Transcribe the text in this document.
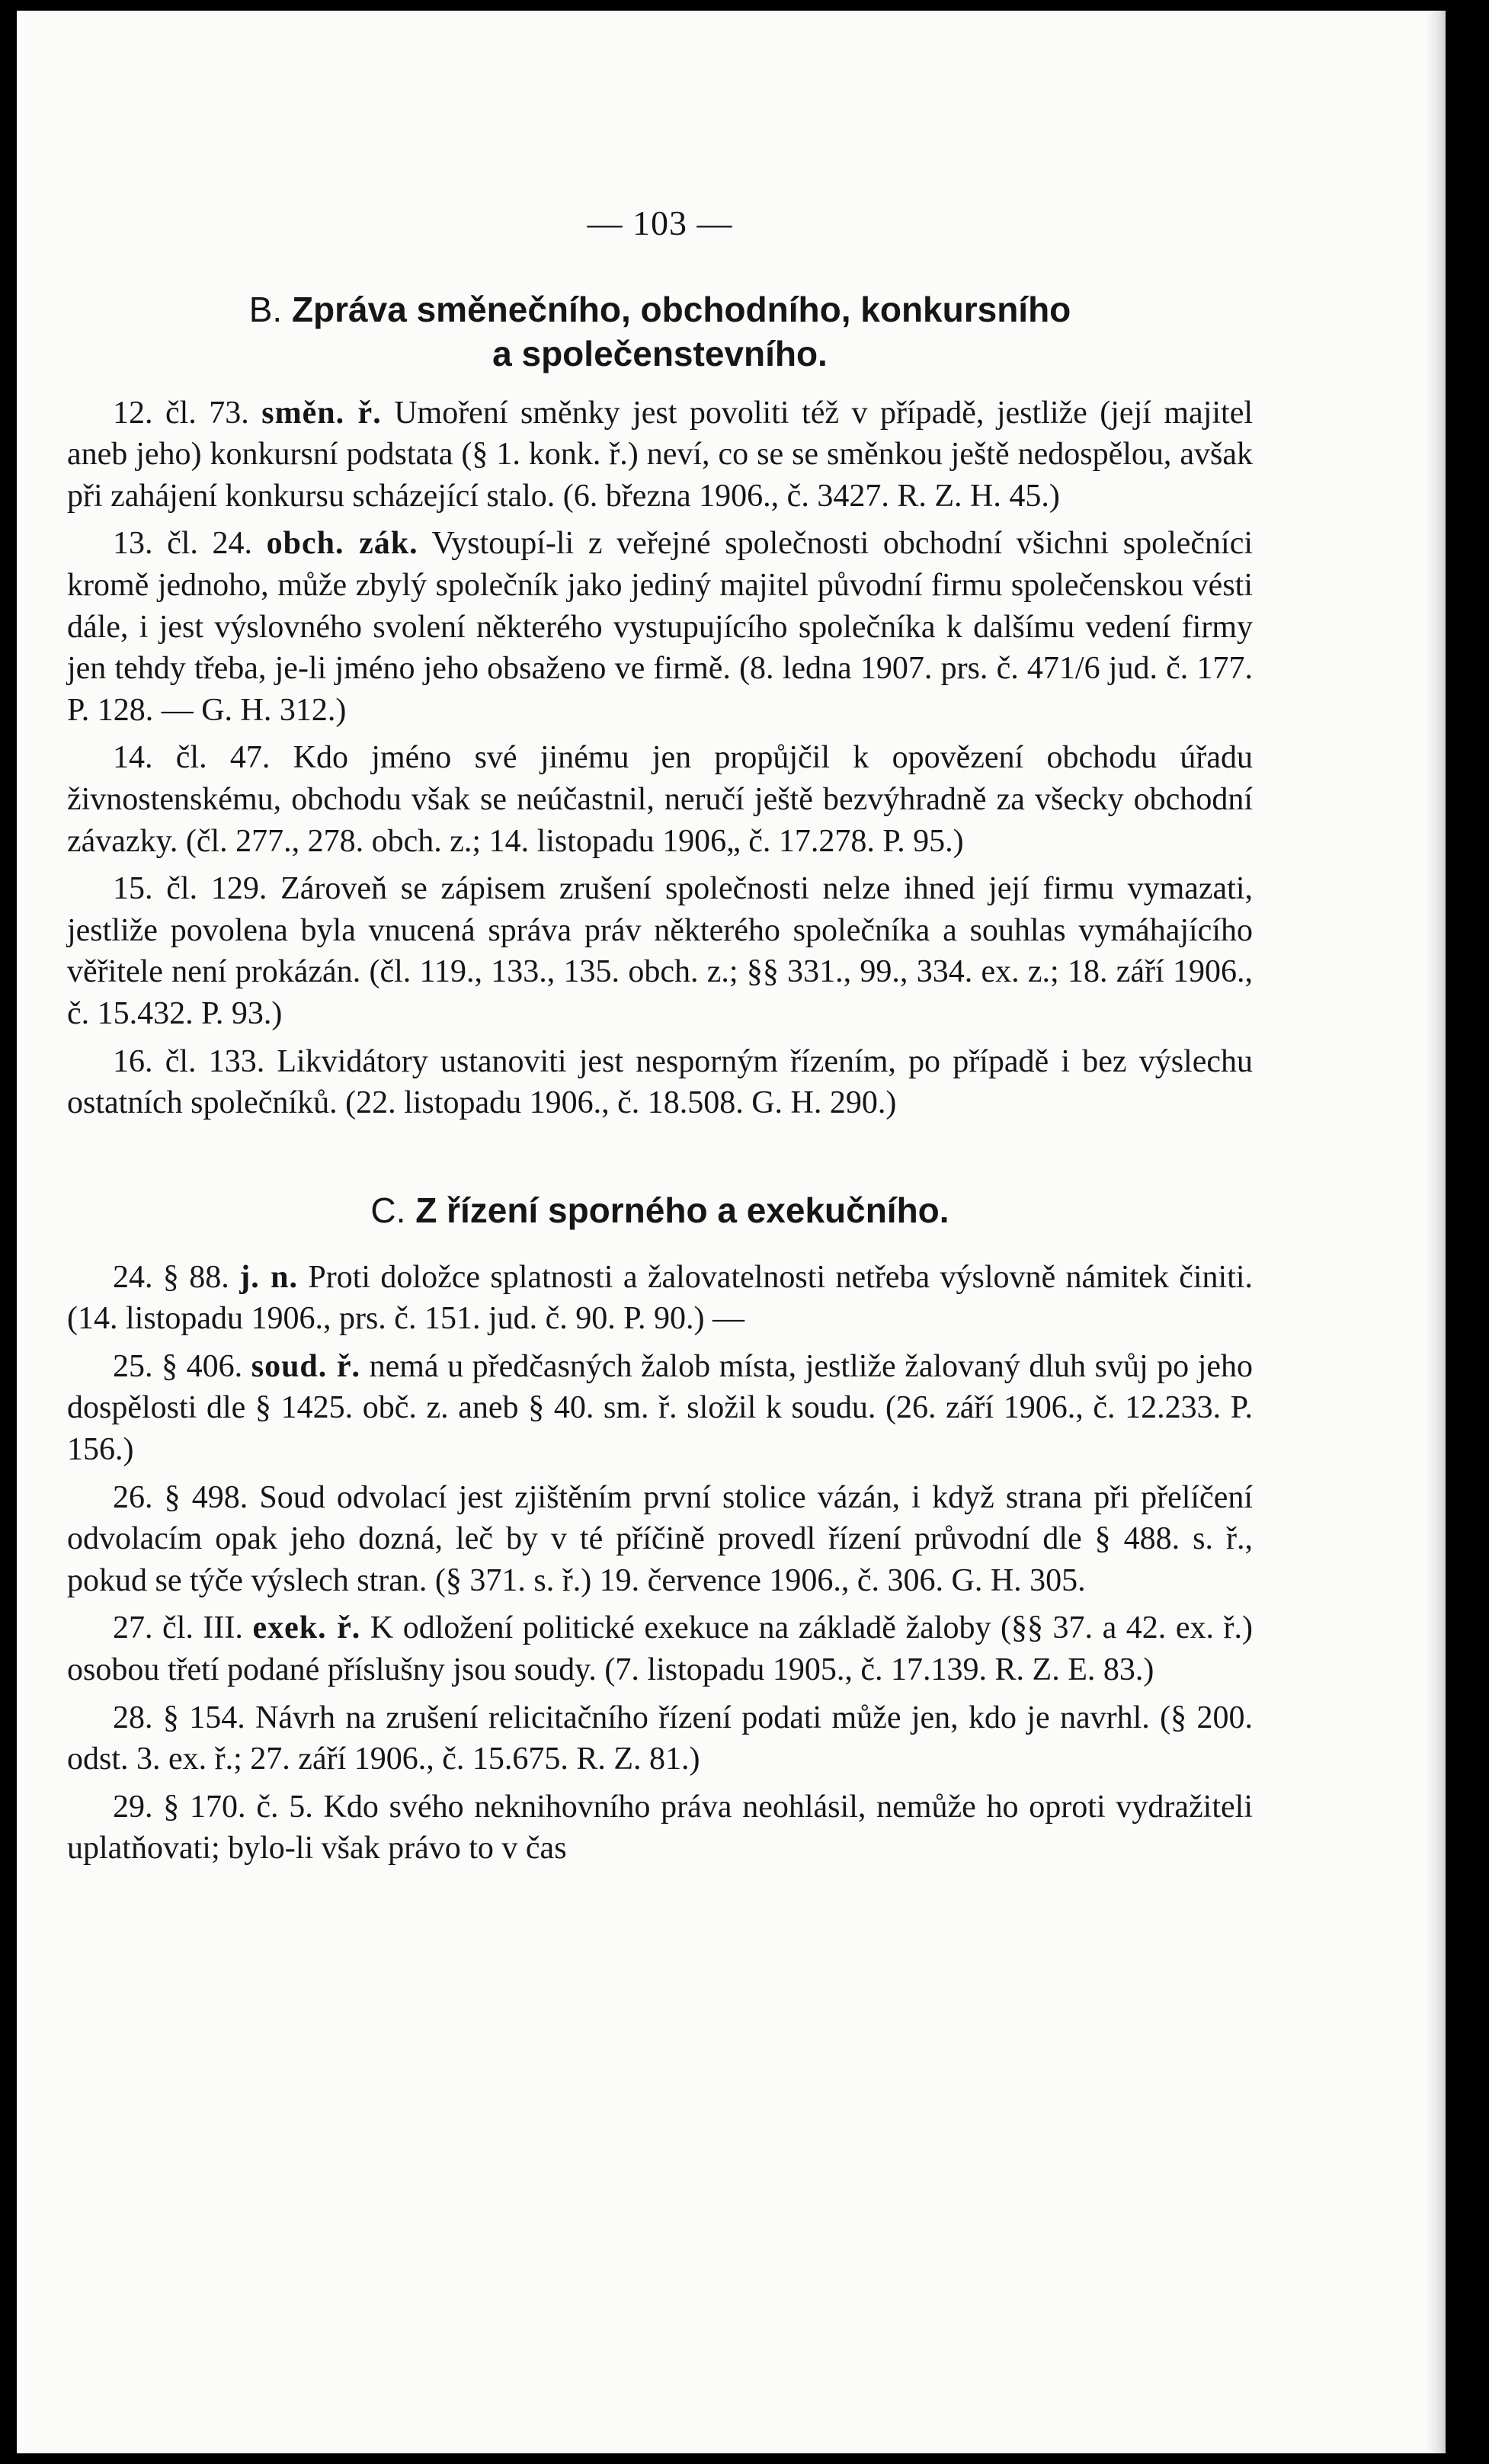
— 103 —
B. Zpráva směnečního, obchodního, konkursního
a společenstevního.

12. čl. 73. směn. ř. Umoření směnky jest povoliti též v případě, jestliže (její majitel aneb jeho) konkursní podstata (§ 1. konk. ř.) neví, co se se směnkou ještě nedospělou, avšak při zahájení konkursu scházející stalo. (6. března 1906., č. 3427. R. Z. H. 45.)

13. čl. 24. obch. zák. Vystoupí-li z veřejné společnosti obchodní všichni společníci kromě jednoho, může zbylý společník jako jediný majitel původní firmu společenskou vésti dále, i jest výslovného svolení některého vystupujícího společníka k dalšímu vedení firmy jen tehdy třeba, je-li jméno jeho obsaženo ve firmě. (8. ledna 1907. prs. č. 471/6 jud. č. 177. P. 128. — G. H. 312.)

14. čl. 47. Kdo jméno své jinému jen propůjčil k opovězení obchodu úřadu živnostenskému, obchodu však se neúčastnil, neručí ještě bezvýhradně za všecky obchodní závazky. (čl. 277., 278. obch. z.; 14. listopadu 1906„ č. 17.278. P. 95.)

15. čl. 129. Zároveň se zápisem zrušení společnosti nelze ihned její firmu vymazati, jestliže povolena byla vnucená správa práv některého společníka a souhlas vymáhajícího věřitele není prokázán. (čl. 119., 133., 135. obch. z.; §§ 331., 99., 334. ex. z.; 18. září 1906., č. 15.432. P. 93.)

16. čl. 133. Likvidátory ustanoviti jest nesporným řízením, po případě i bez výslechu ostatních společníků. (22. listopadu 1906., č. 18.508. G. H. 290.)

C. Z řízení sporného a exekučního.

24. § 88. j. n. Proti doložce splatnosti a žalovatelnosti netřeba výslovně námitek činiti. (14. listopadu 1906., prs. č. 151. jud. č. 90. P. 90.) —

25. § 406. soud. ř. nemá u předčasných žalob místa, jestliže žalovaný dluh svůj po jeho dospělosti dle § 1425. obč. z. aneb § 40. sm. ř. složil k soudu. (26. září 1906., č. 12.233. P. 156.)

26. § 498. Soud odvolací jest zjištěním první stolice vázán, i když strana při přelíčení odvolacím opak jeho dozná, leč by v té příčině provedl řízení průvodní dle § 488. s. ř., pokud se týče výslech stran. (§ 371. s. ř.) 19. července 1906., č. 306. G. H. 305.

27. čl. III. exek. ř. K odložení politické exekuce na základě žaloby (§§ 37. a 42. ex. ř.) osobou třetí podané příslušny jsou soudy. (7. listopadu 1905., č. 17.139. R. Z. E. 83.)

28. § 154. Návrh na zrušení relicitačního řízení podati může jen, kdo je navrhl. (§ 200. odst. 3. ex. ř.; 27. září 1906., č. 15.675. R. Z. 81.)

29. § 170. č. 5. Kdo svého neknihovního práva neohlásil, nemůže ho oproti vydražiteli uplatňovati; bylo-li však právo to v čas
